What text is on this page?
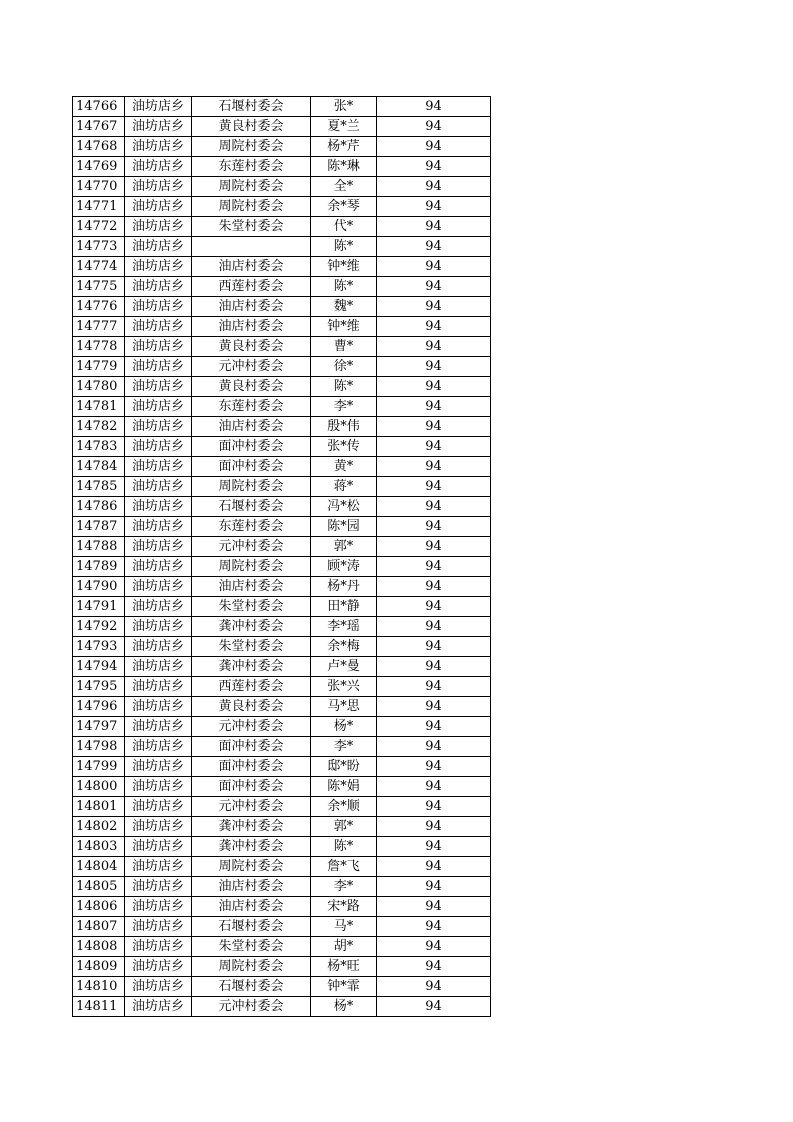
14766	油坊店乡	石堰村委会	张*	94
14767	油坊店乡	黄良村委会	夏*兰	94
14768	油坊店乡	周院村委会	杨*芹	94
14769	油坊店乡	东莲村委会	陈*琳	94
14770	油坊店乡	周院村委会	全*	94
14771	油坊店乡	周院村委会	余*琴	94
14772	油坊店乡	朱堂村委会	代*	94
14773	油坊店乡		陈*	94
14774	油坊店乡	油店村委会	钟*维	94
14775	油坊店乡	西莲村委会	陈*	94
14776	油坊店乡	油店村委会	魏*	94
14777	油坊店乡	油店村委会	钟*维	94
14778	油坊店乡	黄良村委会	曹*	94
14779	油坊店乡	元冲村委会	徐*	94
14780	油坊店乡	黄良村委会	陈*	94
14781	油坊店乡	东莲村委会	李*	94
14782	油坊店乡	油店村委会	殷*伟	94
14783	油坊店乡	面冲村委会	张*传	94
14784	油坊店乡	面冲村委会	黄*	94
14785	油坊店乡	周院村委会	蒋*	94
14786	油坊店乡	石堰村委会	冯*松	94
14787	油坊店乡	东莲村委会	陈*园	94
14788	油坊店乡	元冲村委会	郭*	94
14789	油坊店乡	周院村委会	顾*涛	94
14790	油坊店乡	油店村委会	杨*丹	94
14791	油坊店乡	朱堂村委会	田*静	94
14792	油坊店乡	龚冲村委会	李*瑶	94
14793	油坊店乡	朱堂村委会	余*梅	94
14794	油坊店乡	龚冲村委会	卢*曼	94
14795	油坊店乡	西莲村委会	张*兴	94
14796	油坊店乡	黄良村委会	马*思	94
14797	油坊店乡	元冲村委会	杨*	94
14798	油坊店乡	面冲村委会	李*	94
14799	油坊店乡	面冲村委会	邸*盼	94
14800	油坊店乡	面冲村委会	陈*娟	94
14801	油坊店乡	元冲村委会	余*顺	94
14802	油坊店乡	龚冲村委会	郭*	94
14803	油坊店乡	龚冲村委会	陈*	94
14804	油坊店乡	周院村委会	詹*飞	94
14805	油坊店乡	油店村委会	李*	94
14806	油坊店乡	油店村委会	宋*路	94
14807	油坊店乡	石堰村委会	马*	94
14808	油坊店乡	朱堂村委会	胡*	94
14809	油坊店乡	周院村委会	杨*旺	94
14810	油坊店乡	石堰村委会	钟*霏	94
14811	油坊店乡	元冲村委会	杨*	94
